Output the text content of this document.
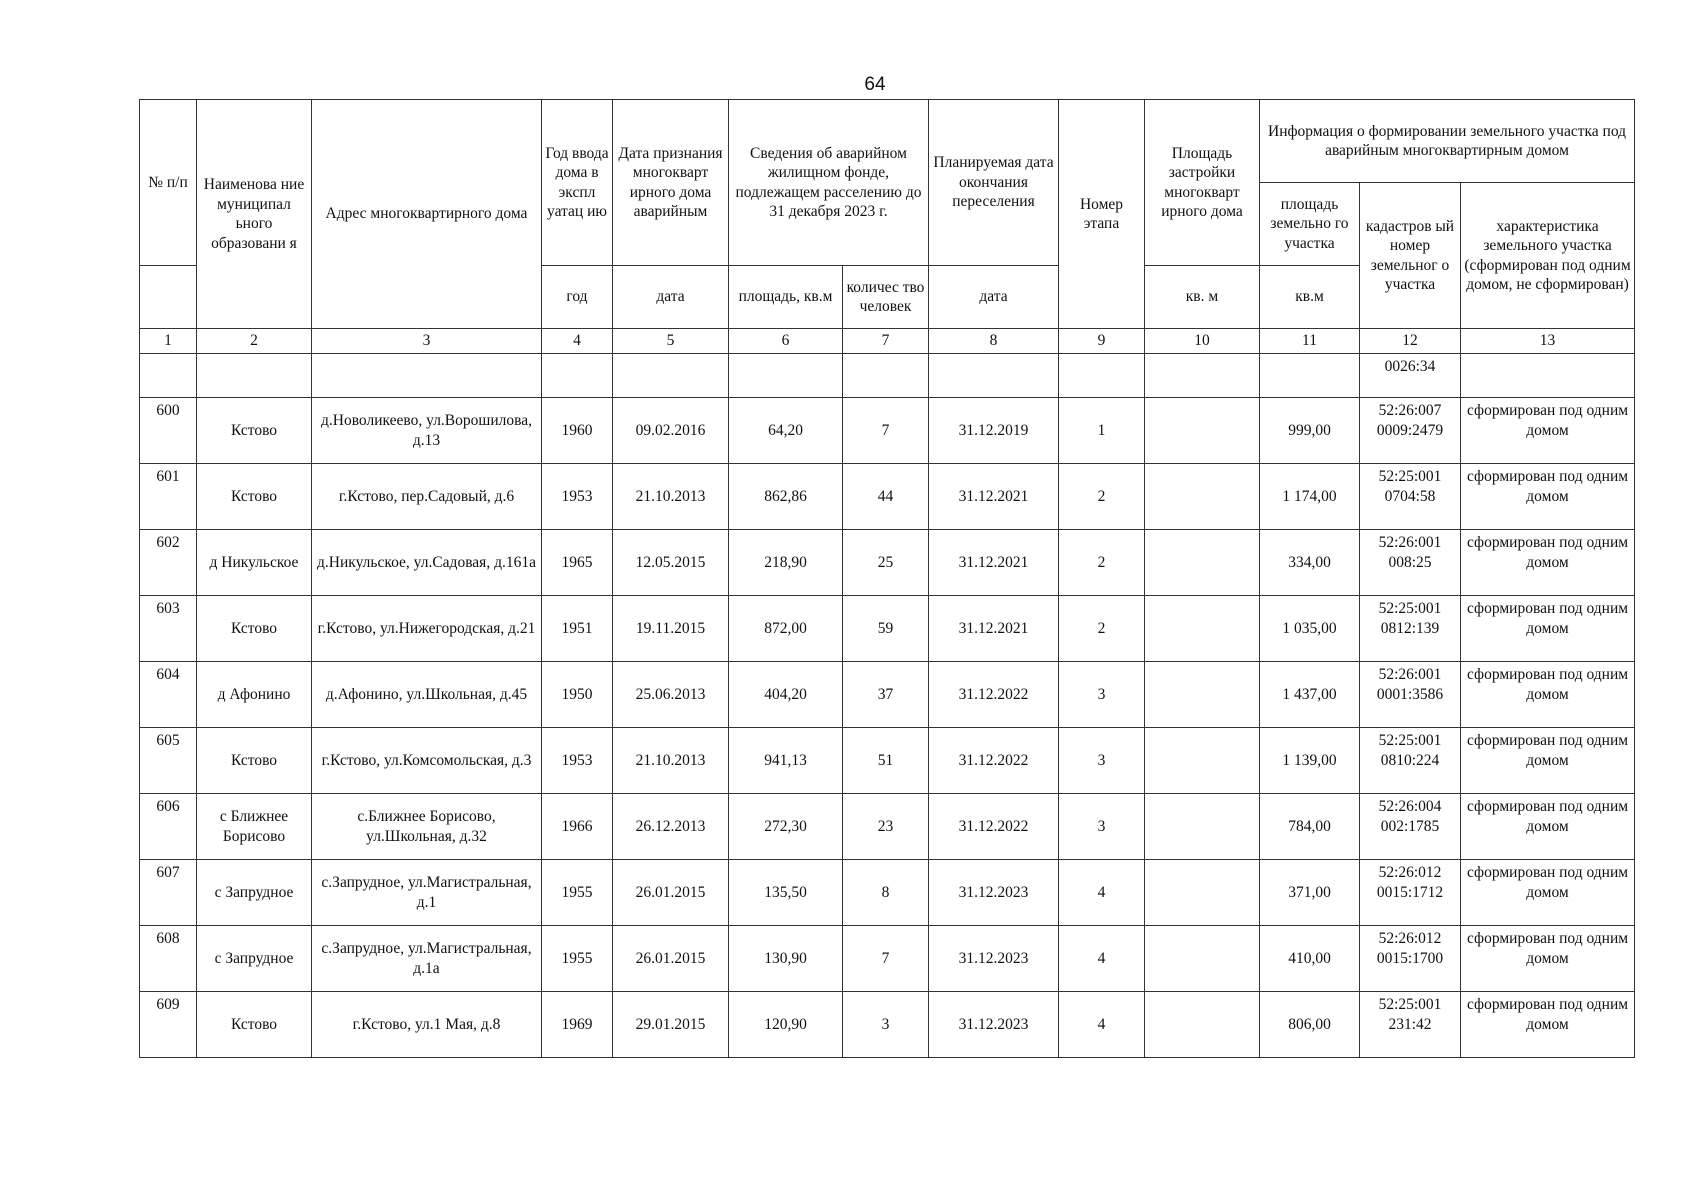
64
№ п/п	Наименова ние муниципал ьного образовани я	Адрес многоквартирного дома	Год ввода дома в экспл уатац ию	Дата признания многокварт ирного дома аварийным	Сведения об аварийном жилищном фонде, подлежащем расселению до 31 декабря 2023 г.		Планируемая дата окончания переселения	Номер этапа	Площадь застройки многокварт ирного дома	Информация о формировании земельного участка под аварийным многоквартирным домом		
										площадь земельно го участка	кадастров ый номер земельног о участка	характеристика земельного участка (сформирован под одним домом, не сформирован)
			год	дата	площадь, кв.м	количес тво человек	дата		кв. м	кв.м		
1	2	3	4	5	6	7	8	9	10	11	12	13
											0026:34	
600	Кстово	д.Новоликеево, ул.Ворошилова, д.13	1960	09.02.2016	64,20	7	31.12.2019	1		999,00	52:26:007 0009:2479	сформирован под одним домом
601	Кстово	г.Кстово, пер.Садовый, д.6	1953	21.10.2013	862,86	44	31.12.2021	2		1 174,00	52:25:001 0704:58	сформирован под одним домом
602	д Никульское	д.Никульское, ул.Садовая, д.161а	1965	12.05.2015	218,90	25	31.12.2021	2		334,00	52:26:001 008:25	сформирован под одним домом
603	Кстово	г.Кстово, ул.Нижегородская, д.21	1951	19.11.2015	872,00	59	31.12.2021	2		1 035,00	52:25:001 0812:139	сформирован под одним домом
604	д Афонино	д.Афонино, ул.Школьная, д.45	1950	25.06.2013	404,20	37	31.12.2022	3		1 437,00	52:26:001 0001:3586	сформирован под одним домом
605	Кстово	г.Кстово, ул.Комсомольская, д.3	1953	21.10.2013	941,13	51	31.12.2022	3		1 139,00	52:25:001 0810:224	сформирован под одним домом
606	с Ближнее Борисово	с.Ближнее Борисово, ул.Школьная, д.32	1966	26.12.2013	272,30	23	31.12.2022	3		784,00	52:26:004 002:1785	сформирован под одним домом
607	с Запрудное	с.Запрудное, ул.Магистральная, д.1	1955	26.01.2015	135,50	8	31.12.2023	4		371,00	52:26:012 0015:1712	сформирован под одним домом
608	с Запрудное	с.Запрудное, ул.Магистральная, д.1а	1955	26.01.2015	130,90	7	31.12.2023	4		410,00	52:26:012 0015:1700	сформирован под одним домом
609	Кстово	г.Кстово, ул.1 Мая, д.8	1969	29.01.2015	120,90	3	31.12.2023	4		806,00	52:25:001 231:42	сформирован под одним домом
